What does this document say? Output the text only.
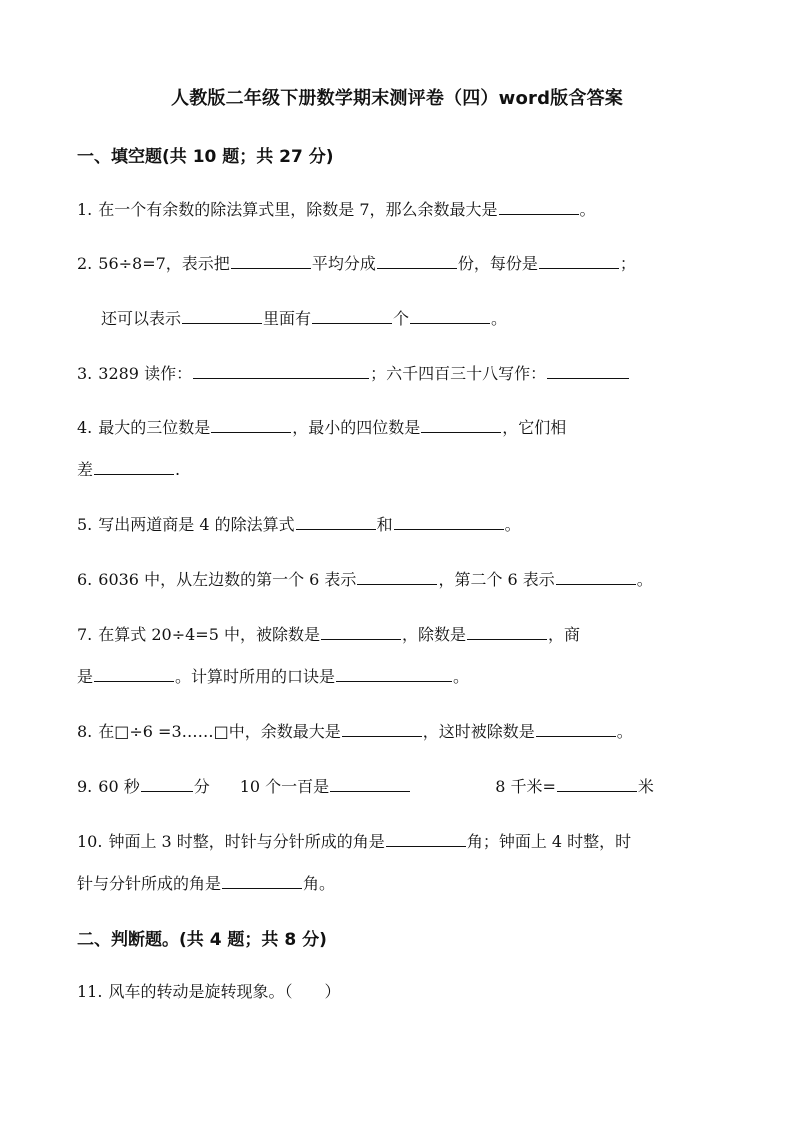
人教版二年级下册数学期末测评卷（四）word版含答案
一、填空题(共 10 题；共 27 分)
1. 在一个有余数的除法算式里，除数是 7，那么余数最大是	。
2. 56÷8=7，表示把	平均分成	份，每份是	；
还可以表示	里面有	个	。
3. 3289 读作：	；六千四百三十八写作：
4. 最大的三位数是	，最小的四位数是	，它们相
差	.
5. 写出两道商是 4 的除法算式	和	。
6. 6036 中，从左边数的第一个 6 表示	，第二个 6 表示	。
7. 在算式 20÷4=5 中，被除数是	，除数是	，商
是	。计算时所用的口诀是	。
8. 在□÷6 =3……□中，余数最大是	，这时被除数是	。
9. 60 秒	分 10 个一百是	8 千米=	米
10. 钟面上 3 时整，时针与分针所成的角是	角；钟面上 4 时整，时
针与分针所成的角是	角。
二、判断题。(共 4 题；共 8 分)
11. 风车的转动是旋转现象。（　　）
